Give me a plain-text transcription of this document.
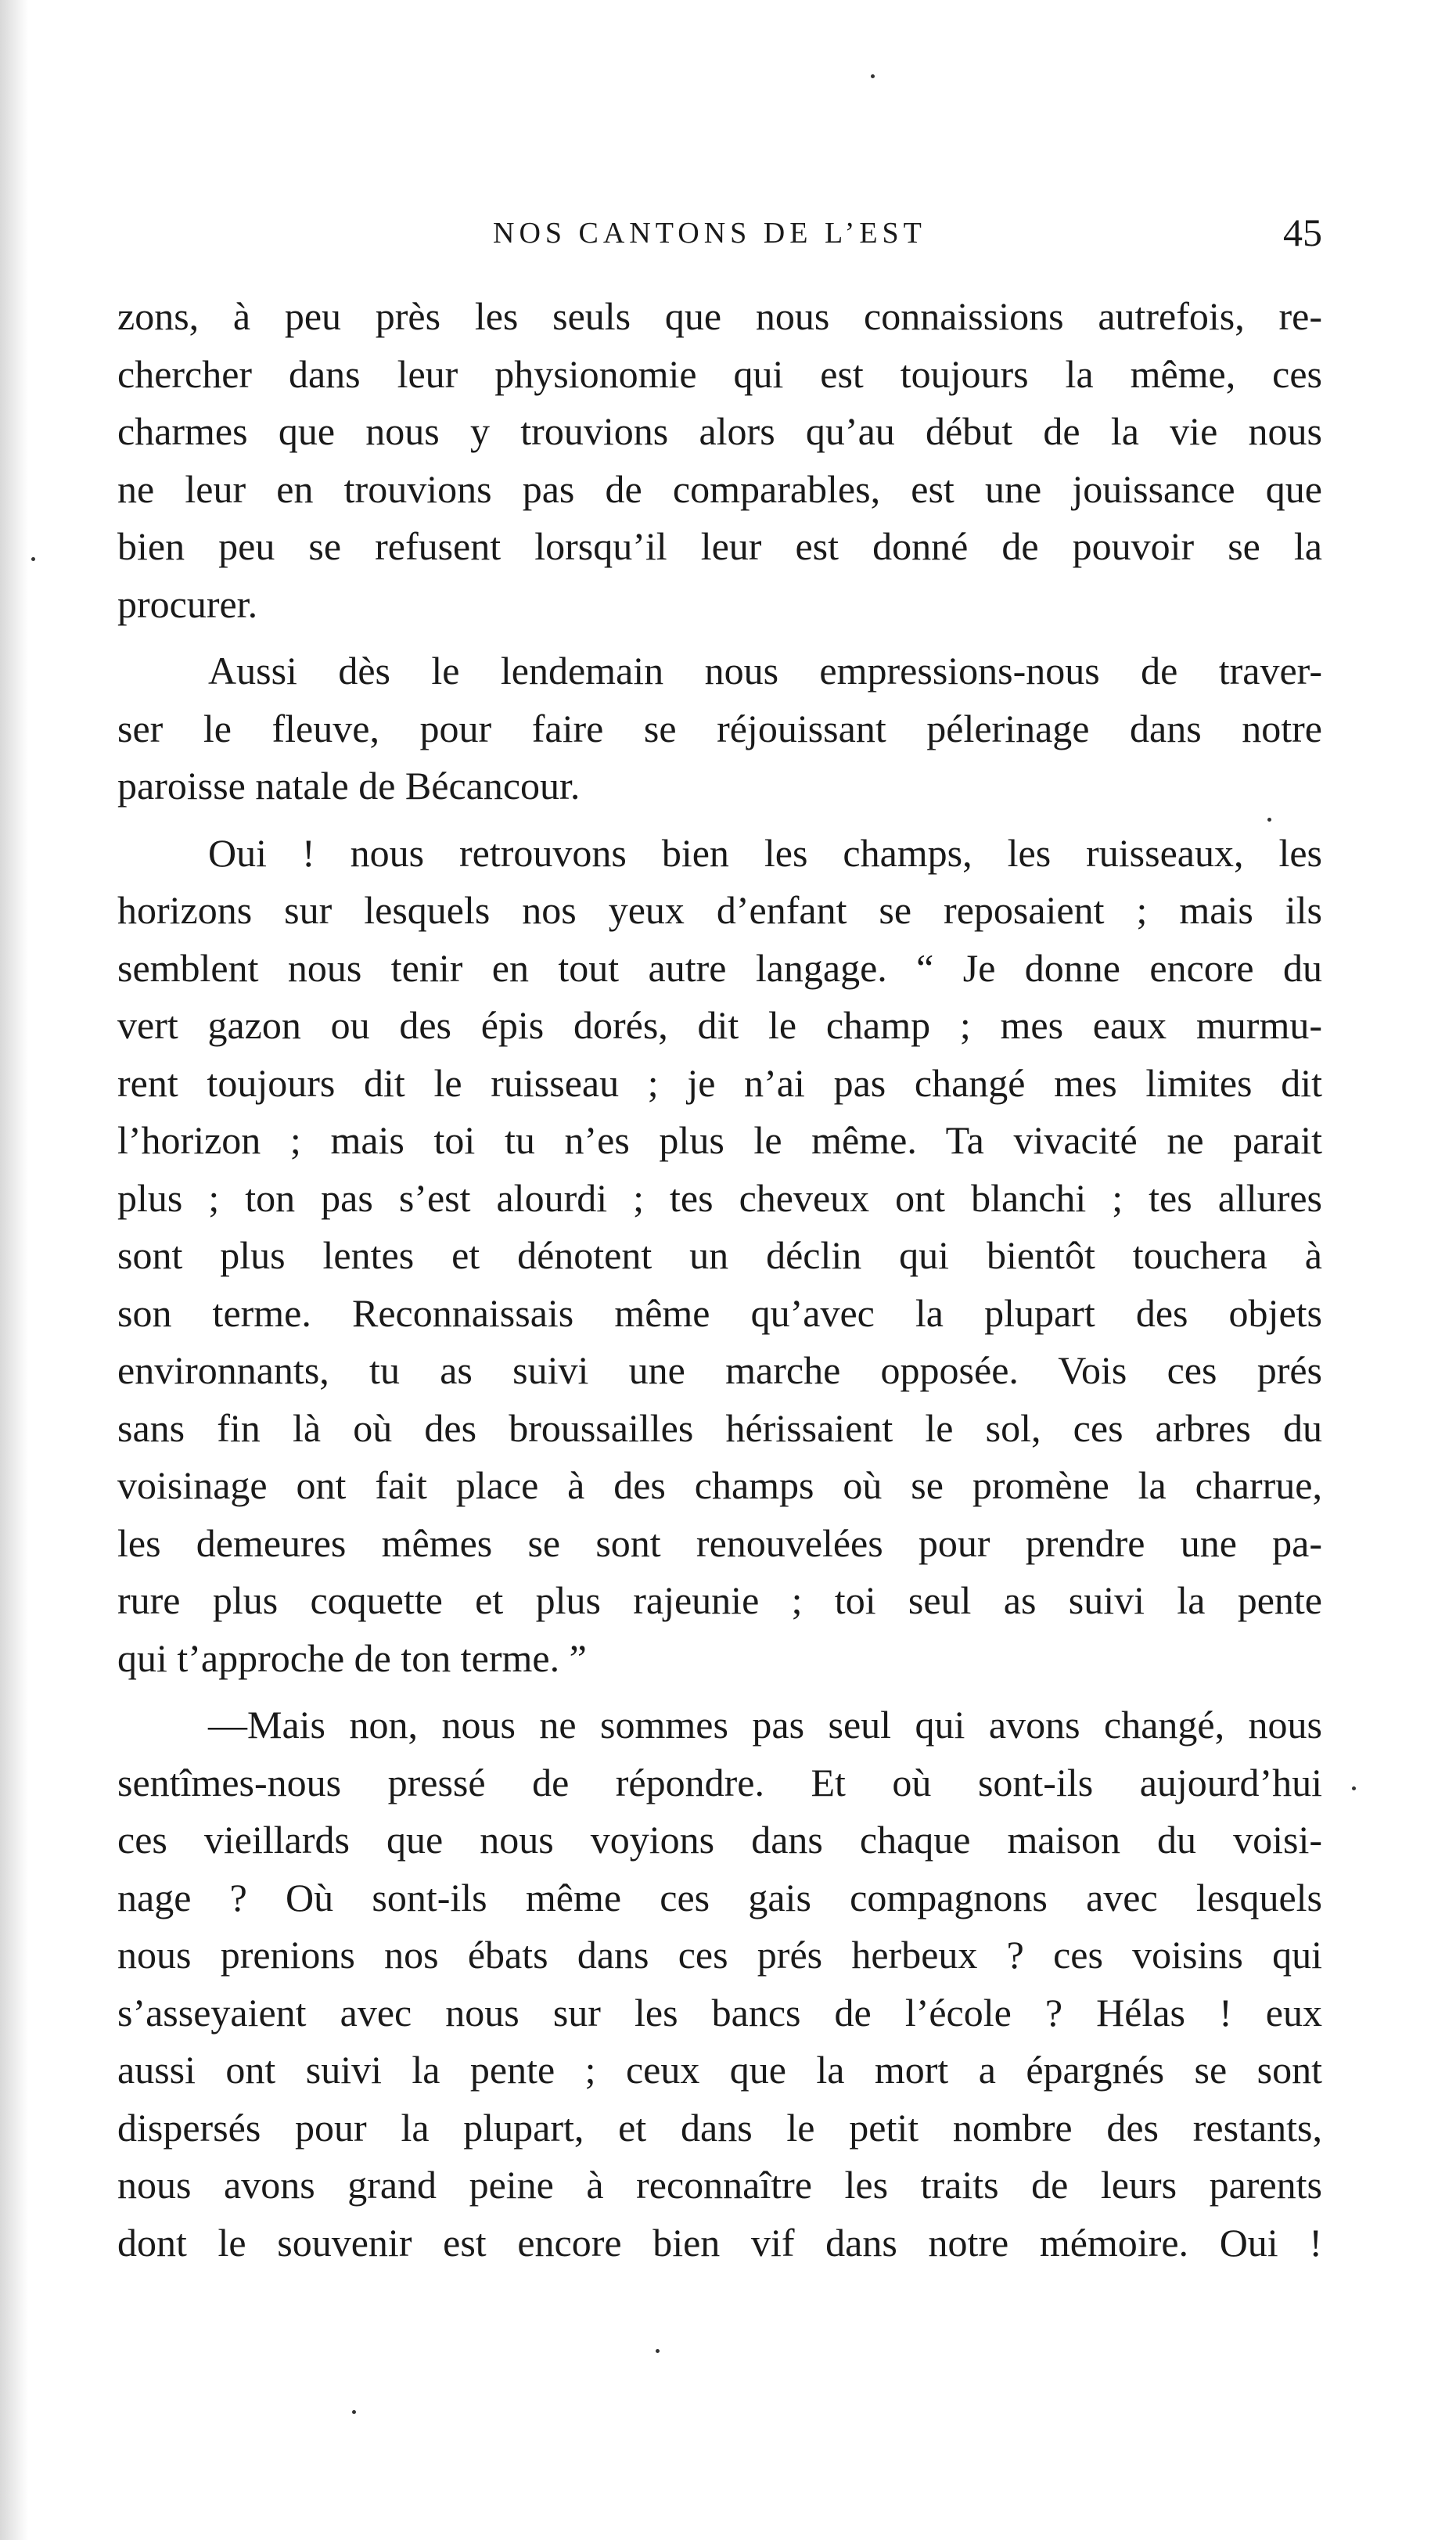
NOS CANTONS DE L’EST	45
zons, à peu près les seuls que nous connaissions autrefois, re-
chercher dans leur physionomie qui est toujours la même, ces
charmes que nous y trouvions alors qu’au début de la vie nous
ne leur en trouvions pas de comparables, est une jouissance que
bien peu se refusent lorsqu’il leur est donné de pouvoir se la
procurer.
Aussi dès le lendemain nous empressions-nous de traver-
ser le fleuve, pour faire se réjouissant pélerinage dans notre
paroisse natale de Bécancour.
Oui ! nous retrouvons bien les champs, les ruisseaux, les
horizons sur lesquels nos yeux d’enfant se reposaient ; mais ils
semblent nous tenir en tout autre langage. “ Je donne encore du
vert gazon ou des épis dorés, dit le champ ; mes eaux murmu-
rent toujours dit le ruisseau ; je n’ai pas changé mes limites dit
l’horizon ; mais toi tu n’es plus le même. Ta vivacité ne parait
plus ; ton pas s’est alourdi ; tes cheveux ont blanchi ; tes allures
sont plus lentes et dénotent un déclin qui bientôt touchera à
son terme. Reconnaissais même qu’avec la plupart des objets
environnants, tu as suivi une marche opposée. Vois ces prés
sans fin là où des broussailles hérissaient le sol, ces arbres du
voisinage ont fait place à des champs où se promène la charrue,
les demeures mêmes se sont renouvelées pour prendre une pa-
rure plus coquette et plus rajeunie ; toi seul as suivi la pente
qui t’approche de ton terme. ”
—Mais non, nous ne sommes pas seul qui avons changé, nous
sentîmes-nous pressé de répondre. Et où sont-ils aujourd’hui
ces vieillards que nous voyions dans chaque maison du voisi-
nage ? Où sont-ils même ces gais compagnons avec lesquels
nous prenions nos ébats dans ces prés herbeux ? ces voisins qui
s’asseyaient avec nous sur les bancs de l’école ? Hélas ! eux
aussi ont suivi la pente ; ceux que la mort a épargnés se sont
dispersés pour la plupart, et dans le petit nombre des restants,
nous avons grand peine à reconnaître les traits de leurs parents
dont le souvenir est encore bien vif dans notre mémoire. Oui !
